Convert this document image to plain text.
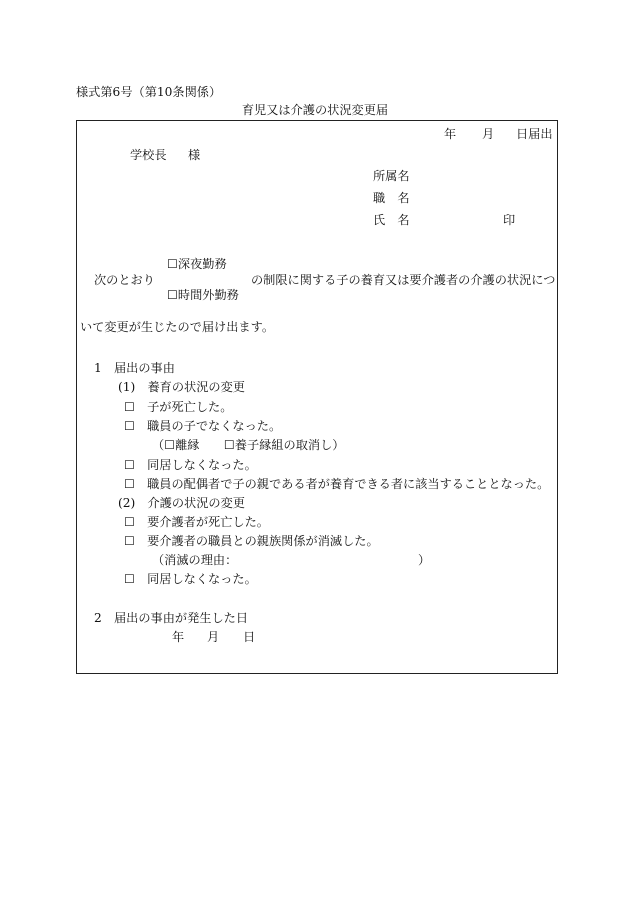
様式第6号（第10条関係）
育児又は介護の状況変更届
年 月 日届出
学校長 様
所属名
職　名
氏　名	印
☐深夜勤務
次のとおり	の制限に関する子の養育又は要介護者の介護の状況につ
☐時間外勤務
いて変更が生じたので届け出ます。
1　届出の事由
(1)　養育の状況の変更
☐　子が死亡した。
☐　職員の子でなくなった。
（☐離縁　　☐養子縁組の取消し）
☐　同居しなくなった。
☐　職員の配偶者で子の親である者が養育できる者に該当することとなった。
(2)　介護の状況の変更
☐　要介護者が死亡した。
☐　要介護者の職員との親族関係が消滅した。
（消滅の理由：	）
☐　同居しなくなった。
2　届出の事由が発生した日
年 月 日
